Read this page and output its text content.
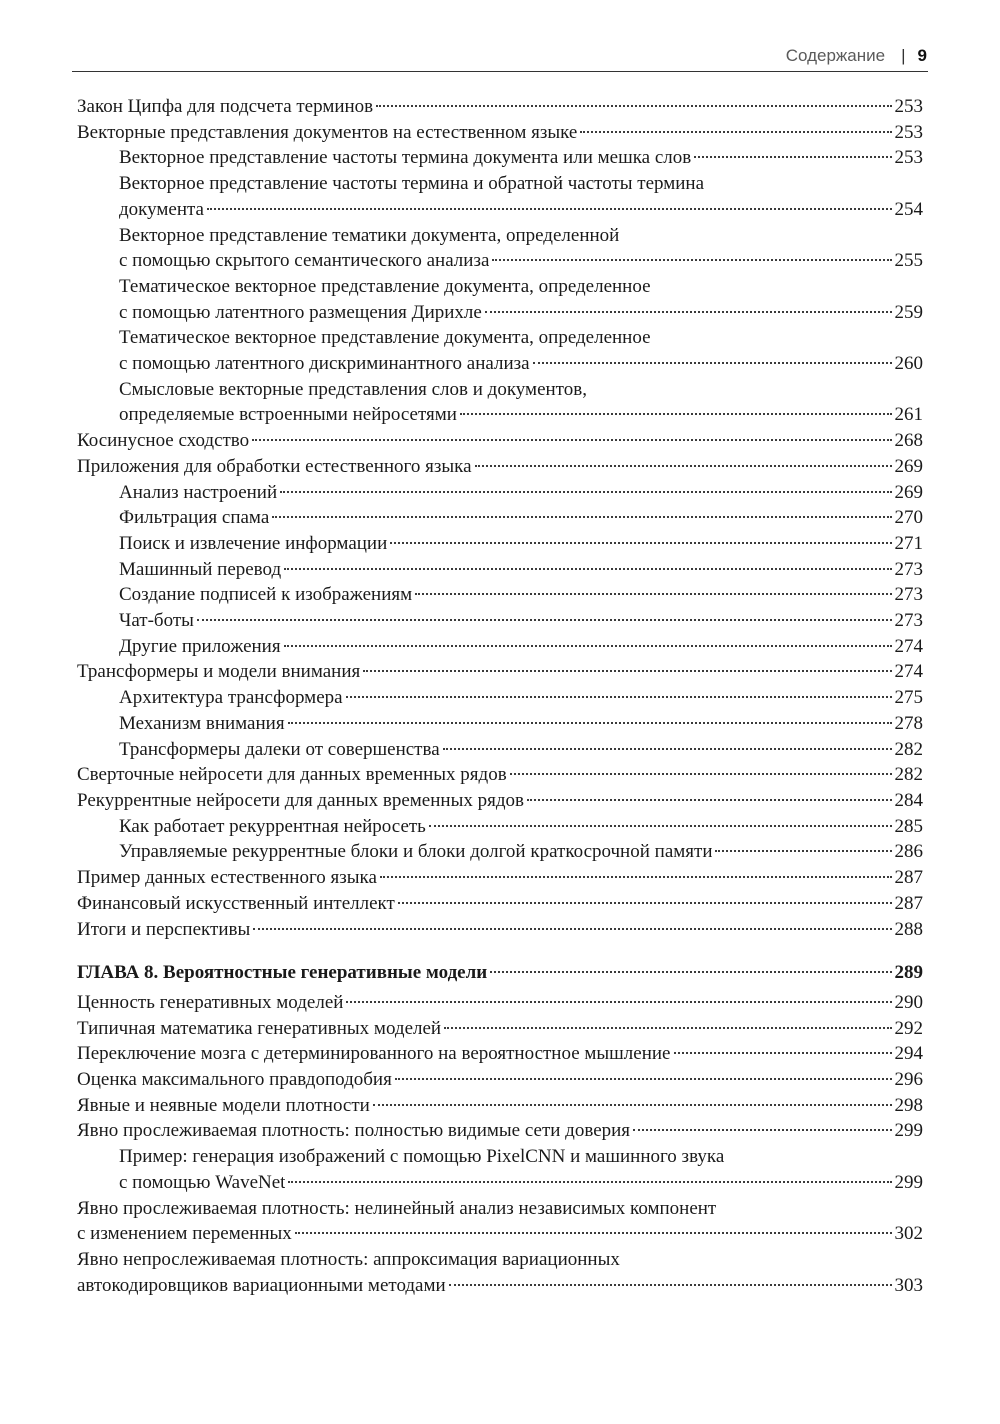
Содержание | 9
Закон Ципфа для подсчета терминов	253
Векторные представления документов на естественном языке	253
Векторное представление частоты термина документа или мешка слов	253
Векторное представление частоты термина и обратной частоты термина
документа	254
Векторное представление тематики документа, определенной
с помощью скрытого семантического анализа	255
Тематическое векторное представление документа, определенное
с помощью латентного размещения Дирихле	259
Тематическое векторное представление документа, определенное
с помощью латентного дискриминантного анализа	260
Смысловые векторные представления слов и документов,
определяемые встроенными нейросетями	261
Косинусное сходство	268
Приложения для обработки естественного языка	269
Анализ настроений	269
Фильтрация спама	270
Поиск и извлечение информации	271
Машинный перевод	273
Создание подписей к изображениям	273
Чат-боты	273
Другие приложения	274
Трансформеры и модели внимания	274
Архитектура трансформера	275
Механизм внимания	278
Трансформеры далеки от совершенства	282
Сверточные нейросети для данных временных рядов	282
Рекуррентные нейросети для данных временных рядов	284
Как работает рекуррентная нейросеть	285
Управляемые рекуррентные блоки и блоки долгой краткосрочной памяти	286
Пример данных естественного языка	287
Финансовый искусственный интеллект	287
Итоги и перспективы	288
ГЛАВА 8. Вероятностные генеративные модели	289
Ценность генеративных моделей	290
Типичная математика генеративных моделей	292
Переключение мозга с детерминированного на вероятностное мышление	294
Оценка максимального правдоподобия	296
Явные и неявные модели плотности	298
Явно прослеживаемая плотность: полностью видимые сети доверия	299
Пример: генерация изображений с помощью PixelCNN и машинного звука
с помощью WaveNet	299
Явно прослеживаемая плотность: нелинейный анализ независимых компонент
с изменением переменных	302
Явно непрослеживаемая плотность: аппроксимация вариационных
автокодировщиков вариационными методами	303
